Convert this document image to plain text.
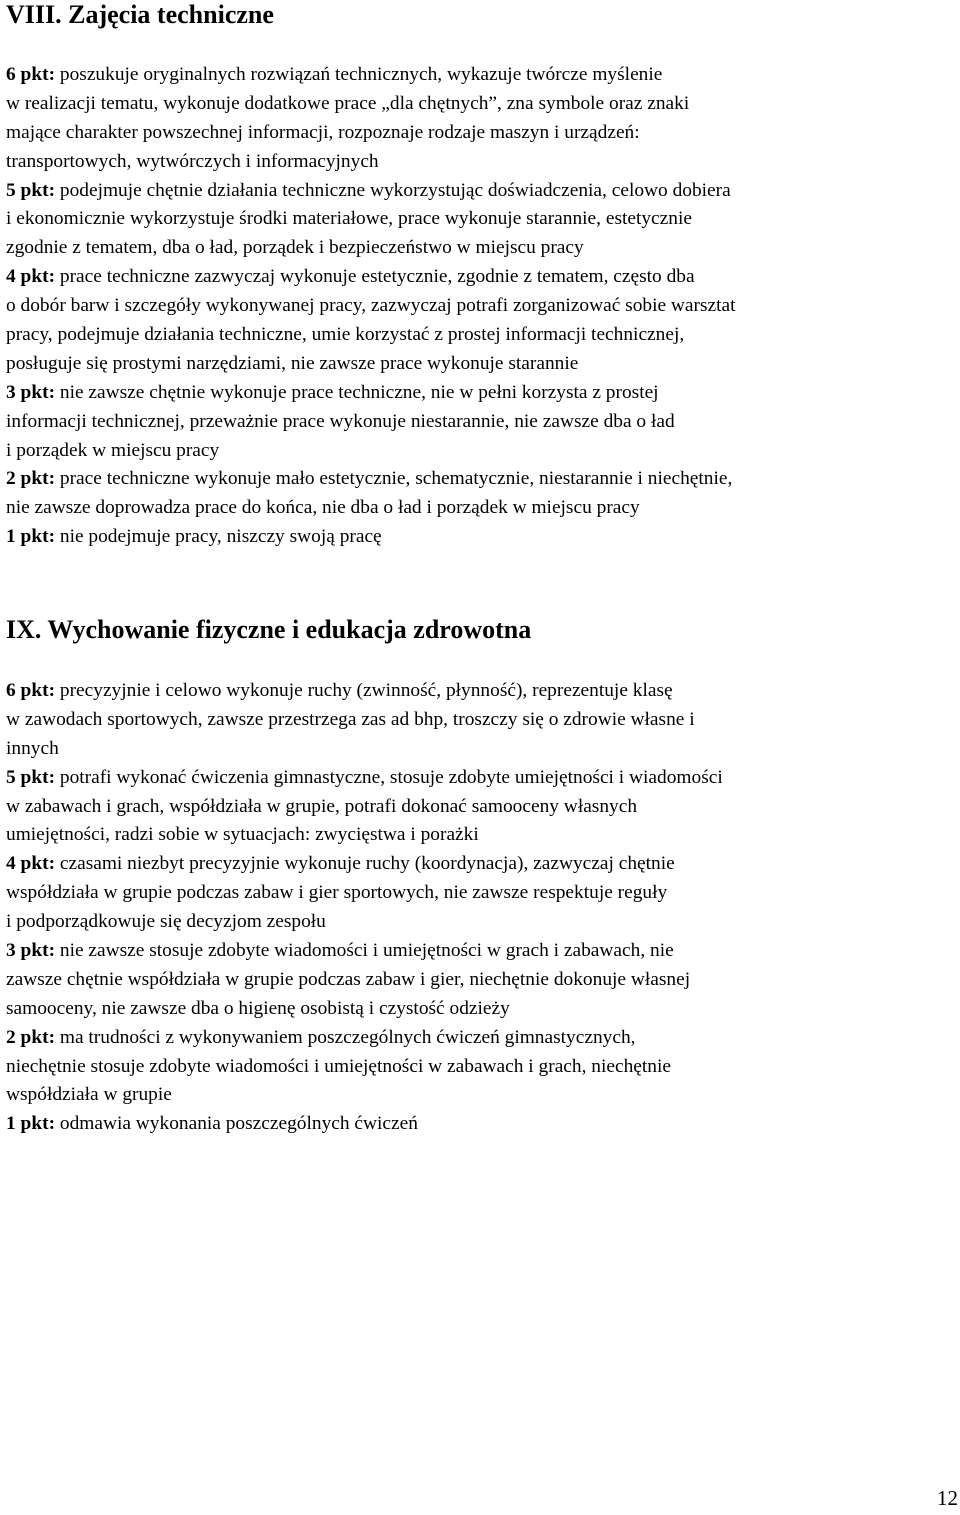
VIII. Zajęcia techniczne
6 pkt: poszukuje oryginalnych rozwiązań technicznych, wykazuje twórcze myślenie
w realizacji tematu, wykonuje dodatkowe prace „dla chętnych”, zna symbole oraz znaki
mające charakter powszechnej informacji, rozpoznaje rodzaje maszyn i urządzeń:
transportowych, wytwórczych i informacyjnych
5 pkt: podejmuje chętnie działania techniczne wykorzystując doświadczenia, celowo dobiera
i ekonomicznie wykorzystuje środki materiałowe, prace wykonuje starannie, estetycznie
zgodnie z tematem, dba o ład, porządek i bezpieczeństwo w miejscu pracy
4 pkt: prace techniczne zazwyczaj wykonuje estetycznie, zgodnie z tematem, często dba
o dobór barw i szczegóły wykonywanej pracy, zazwyczaj potrafi zorganizować sobie warsztat
pracy, podejmuje działania techniczne, umie korzystać z prostej informacji technicznej,
posługuje się prostymi narzędziami, nie zawsze prace wykonuje starannie
3 pkt: nie zawsze chętnie wykonuje prace techniczne, nie w pełni korzysta z prostej
informacji technicznej, przeważnie prace wykonuje niestarannie, nie zawsze dba o ład
i porządek w miejscu pracy
2 pkt: prace techniczne wykonuje mało estetycznie, schematycznie, niestarannie i niechętnie,
nie zawsze doprowadza prace do końca, nie dba o ład i porządek w miejscu pracy
1 pkt: nie podejmuje pracy, niszczy swoją pracę
IX. Wychowanie fizyczne i edukacja zdrowotna
6 pkt: precyzyjnie i celowo wykonuje ruchy (zwinność, płynność), reprezentuje klasę
w zawodach sportowych, zawsze przestrzega zas ad bhp, troszczy się o zdrowie własne i
innych
5 pkt: potrafi wykonać ćwiczenia gimnastyczne, stosuje zdobyte umiejętności i wiadomości
w zabawach i grach, współdziała w grupie, potrafi dokonać samooceny własnych
umiejętności, radzi sobie w sytuacjach: zwycięstwa i porażki
4 pkt: czasami niezbyt precyzyjnie wykonuje ruchy (koordynacja), zazwyczaj chętnie
współdziała w grupie podczas zabaw i gier sportowych, nie zawsze respektuje reguły
i podporządkowuje się decyzjom zespołu
3 pkt: nie zawsze stosuje zdobyte wiadomości i umiejętności w grach i zabawach, nie
zawsze chętnie współdziała w grupie podczas zabaw i gier, niechętnie dokonuje własnej
samooceny, nie zawsze dba o higienę osobistą i czystość odzieży
2 pkt: ma trudności z wykonywaniem poszczególnych ćwiczeń gimnastycznych,
niechętnie stosuje zdobyte wiadomości i umiejętności w zabawach i grach, niechętnie
współdziała w grupie
1 pkt: odmawia wykonania poszczególnych ćwiczeń
12
